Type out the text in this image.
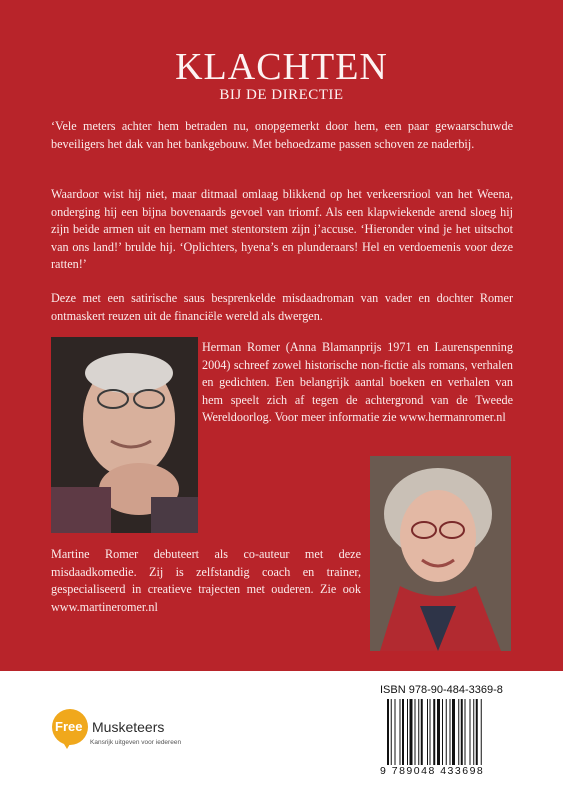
KLACHTEN
BIJ DE DIRECTIE

‘Vele meters achter hem betraden nu, onopgemerkt door hem, een paar gewaarschuwde beveiligers het dak van het bankgebouw. Met behoedzame passen schoven ze naderbij.

Waardoor wist hij niet, maar ditmaal omlaag blikkend op het verkeersriool van het Weena, onderging hij een bijna bovenaards gevoel van triomf. Als een klapwiekende arend sloeg hij zijn beide armen uit en hernam met stentorstem zijn j’accuse. ‘Hieronder vind je het uitschot van ons land!’ brulde hij. ‘Oplichters, hyena’s en plunderaars! Hel en verdoemenis voor deze ratten!’

Deze met een satirische saus besprenkelde misdaadroman van vader en dochter Romer ontmaskert reuzen uit de financiële wereld als dwergen.

Herman Romer (Anna Blamanprijs 1971 en Laurenspenning 2004) schreef zowel historische non-fictie als romans, verhalen en gedichten. Een belangrijk aantal boeken en verhalen van hem speelt zich af tegen de achtergrond van de Tweede Wereldoorlog. Voor meer informatie zie www.hermanromer.nl

Martine Romer debuteert als co-auteur met deze misdaadkomedie. Zij is zelfstandig coach en trainer, gespecialiseerd in creatieve trajecten met ouderen. Zie ook www.martineromer.nl

Free Musketeers
Kansrijk uitgeven voor iedereen
ISBN 978-90-484-3369-8
9 789048 433698
